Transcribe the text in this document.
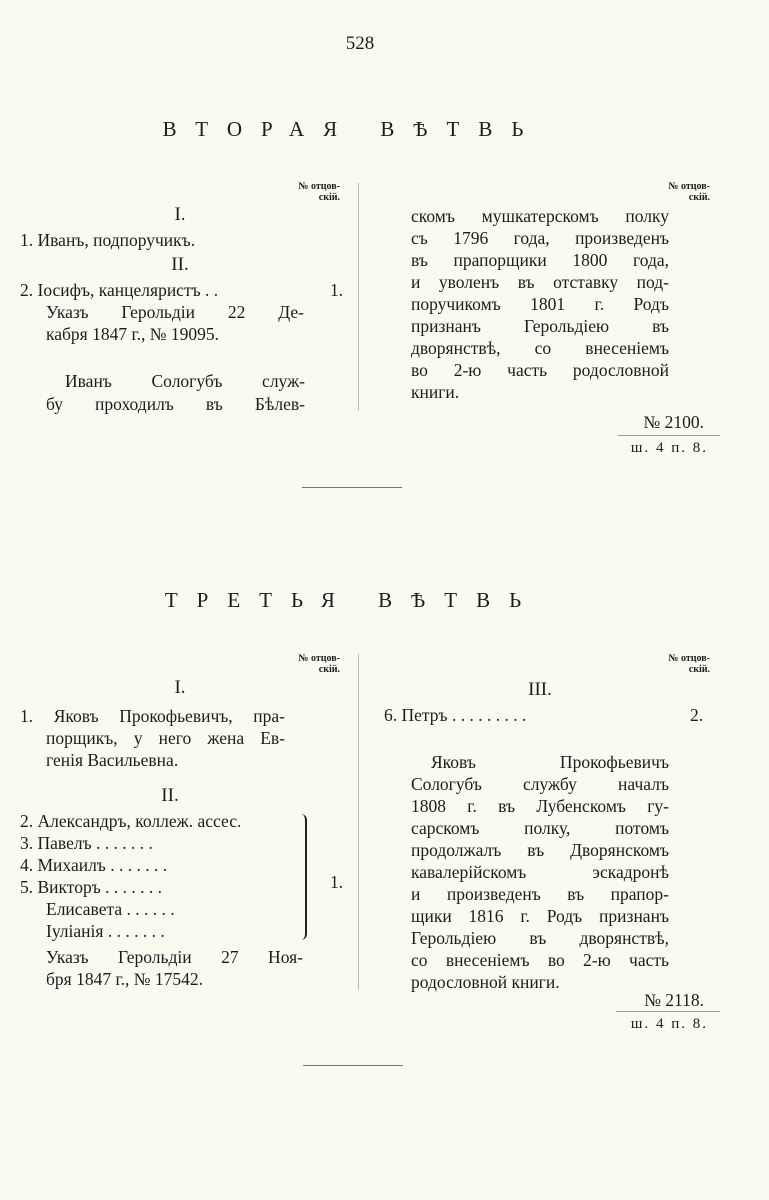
528
ВТОРАЯ ВѢТВЬ
№ отцов-
скій.
I.
1. Иванъ, подпоручикъ.
II.
2. Іосифъ, канцеляристъ . .	1.
Указъ Герольдіи 22 Де-
кабря 1847 г., № 19095.
Иванъ Сологубъ служ-
бу проходилъ въ Бѣлев-
№ отцов-
скій.
скомъ мушкатерскомъ полку
съ 1796 года, произведенъ
въ прапорщики 1800 года,
и уволенъ въ отставку под-
поручикомъ 1801 г. Родъ
признанъ Герольдіею въ
дворянствѣ, со внесеніемъ
во 2-ю часть родословной
книги.
№ 2100.
ш. 4 п. 8.
ТРЕТЬЯ ВѢТВЬ
№ отцов-
скій.
I.
1. Яковъ Прокофьевичъ, пра-
порщикъ, у него жена Ев-
генія Васильевна.
II.
2. Александръ, коллеж. ассес.
3. Павелъ . . . . . . .
4. Михаилъ . . . . . . .
5. Викторъ . . . . . . .
Елисавета . . . . . .
Іуліанія . . . . . . .
1.
Указъ Герольдіи 27 Ноя-
бря 1847 г., № 17542.
№ отцов-
скій.
III.
6. Петръ . . . . . . . . .	2.
Яковъ Прокофьевичъ
Сологубъ службу началъ
1808 г. въ Лубенскомъ гу-
сарскомъ полку, потомъ
продолжалъ въ Дворянскомъ
кавалерійскомъ эскадронѣ
и произведенъ въ прапор-
щики 1816 г. Родъ признанъ
Герольдіею въ дворянствѣ,
со внесеніемъ во 2-ю часть
родословной книги.
№ 2118.
ш. 4 п. 8.
